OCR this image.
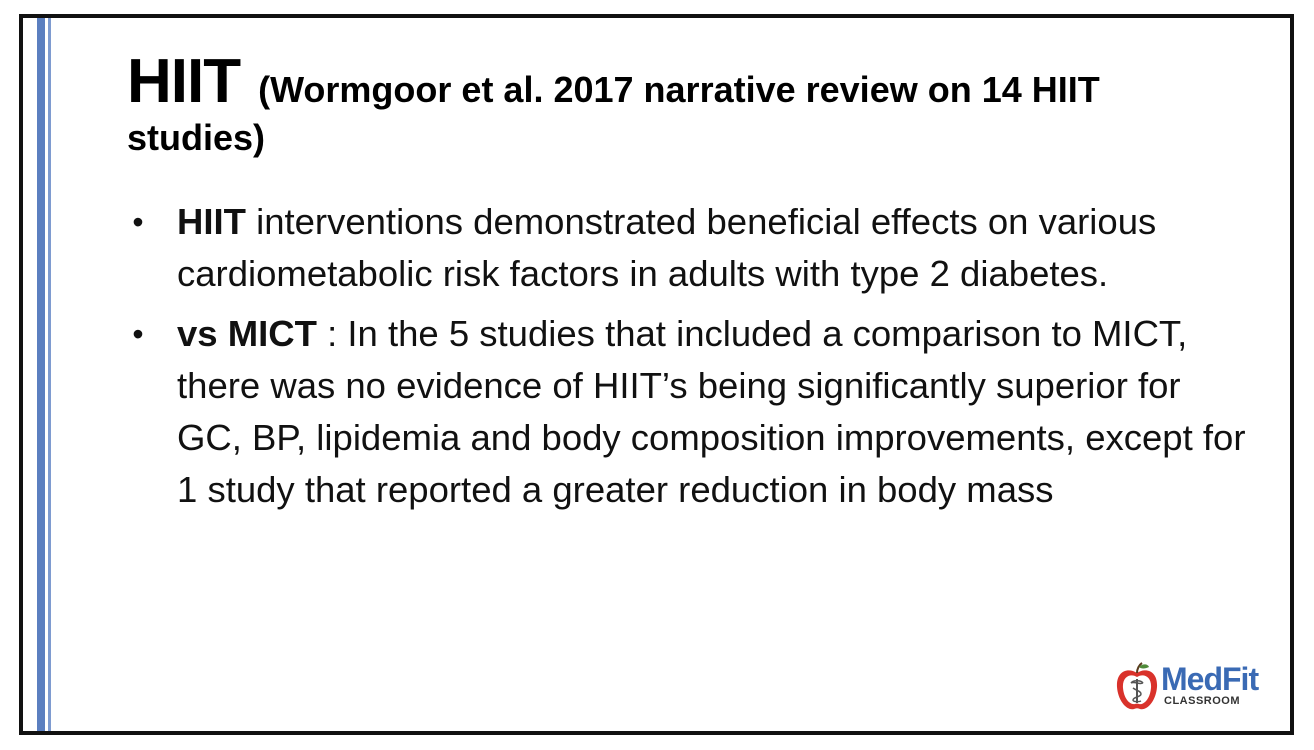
HIIT (Wormgoor et al. 2017 narrative review on 14 HIIT studies)
• HIIT interventions demonstrated beneficial effects on various cardiometabolic risk factors in adults with type 2 diabetes.
• vs MICT : In the 5 studies that included a comparison to MICT, there was no evidence of HIIT’s being significantly superior for GC, BP, lipidemia and body composition improvements, except for 1 study that reported a greater reduction in body mass
MedFit
CLASSROOM
